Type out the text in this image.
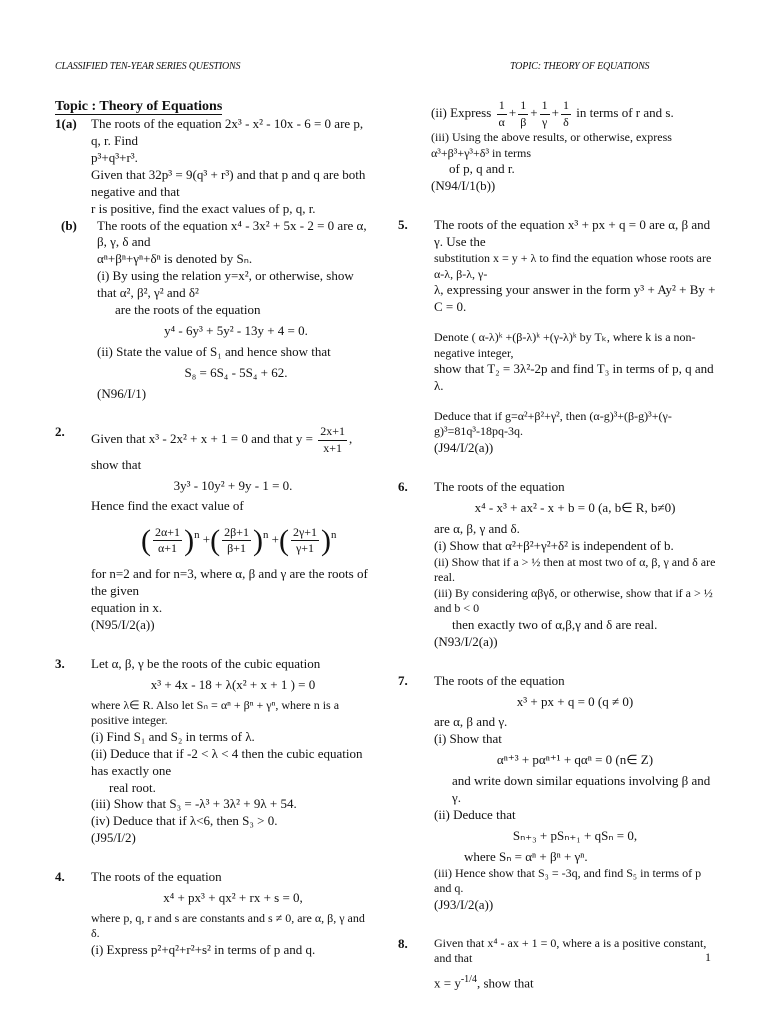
CLASSIFIED TEN-YEAR SERIES QUESTIONS	TOPIC: THEORY OF EQUATIONS
Topic : Theory of Equations
1(a)	The roots of the equation 2x³ - x² - 10x - 6 = 0 are p, q, r. Find
p³+q³+r³.
Given that 32p³ = 9(q³ + r³) and that p and q are both negative and that
r is positive, find the exact values of p, q, r.
(b)	The roots of the equation x⁴ - 3x² + 5x - 2 = 0 are α, β, γ, δ and
αⁿ+βⁿ+γⁿ+δⁿ is denoted by Sₙ.
(i) By using the relation y=x², or otherwise, show that α², β², γ² and δ²
are the roots of the equation
y⁴ - 6y³ + 5y² - 13y + 4 = 0.
(ii) State the value of S₁ and hence show that
S₈ = 6S₄ - 5S₄ + 62.
(N96/I/1)
2.	Given that x³ - 2x² + x + 1 = 0 and that $y = \frac{2x+1}{x+1}$ , show that
3y³ - 10y² + 9y - 1 = 0.
Hence find the exact value of
( $\frac{2\alpha+1}{\alpha+1} )^n$ +( $\frac{2\beta+1}{\beta+1} )^n$ +( $\frac{2\gamma+1}{\gamma+1} )^n$
for n=2 and for n=3, where α, β and γ are the roots of the given
equation in x.
(N95/I/2(a))
3.	Let α, β, γ be the roots of the cubic equation
x³ + 4x - 18 + λ(x² + x + 1 ) = 0
where λ∈ R. Also let Sₙ = αⁿ + βⁿ + γⁿ, where n is a positive integer.
(i) Find S₁ and S₂ in terms of λ.
(ii) Deduce that if -2 < λ < 4 then the cubic equation has exactly one
real root.
(iii) Show that S₃ = -λ³ + 3λ² + 9λ + 54.
(iv) Deduce that if λ<6, then S₃ > 0.
(J95/I/2)
4.	The roots of the equation
x⁴ + px³ + qx² + rx + s = 0,
where p, q, r and s are constants and s ≠ 0, are α, β, γ and δ.
(i) Express p²+q²+r²+s² in terms of p and q.
(ii) Express $\frac{1}{\alpha} + \frac{1}{\beta} + \frac{1}{\gamma} + \frac{1}{\delta}$ in terms of r and s.
(iii) Using the above results, or otherwise, express α³+β³+γ³+δ³ in terms
of p, q and r.
(N94/I/1(b))
5.	The roots of the equation x³ + px + q = 0 are α, β and γ. Use the
substitution x = y + λ to find the equation whose roots are α-λ, β-λ, γ-
λ, expressing your answer in the form y³ + Ay² + By + C = 0.
Denote ( α-λ)ᵏ +(β-λ)ᵏ +(γ-λ)ᵏ by Tₖ, where k is a non-negative integer,
show that T₂ = 3λ²-2p and find T₃ in terms of p, q and λ.
Deduce that if g=α²+β²+γ², then (α-g)³+(β-g)³+(γ-g)³=81q³-18pq-3q.
(J94/I/2(a))
6.	The roots of the equation
x⁴ - x³ + ax² - x + b = 0 (a, b∈ R, b≠0)
are α, β, γ and δ.
(i) Show that α²+β²+γ²+δ² is independent of b.
(ii) Show that if a > ½ then at most two of α, β, γ and δ are real.
(iii) By considering αβγδ, or otherwise, show that if a > ½ and b < 0
then exactly two of α,β,γ and δ are real.
(N93/I/2(a))
7.	The roots of the equation
x³ + px + q = 0 (q ≠ 0)
are α, β and γ.
(i) Show that
αⁿ⁺³ + pαⁿ⁺¹ + qαⁿ = 0 (n∈ Z)
and write down similar equations involving β and γ.
(ii) Deduce that
Sₙ₊₃ + pSₙ₊₁ + qSₙ = 0,
where Sₙ = αⁿ + βⁿ + γⁿ.
(iii) Hence show that S₃ = -3q, and find S₅ in terms of p and q.
(J93/I/2(a))
8.	Given that x⁴ - ax + 1 = 0, where a is a positive constant, and that
$x = y^{-1/4}$, show that
1
